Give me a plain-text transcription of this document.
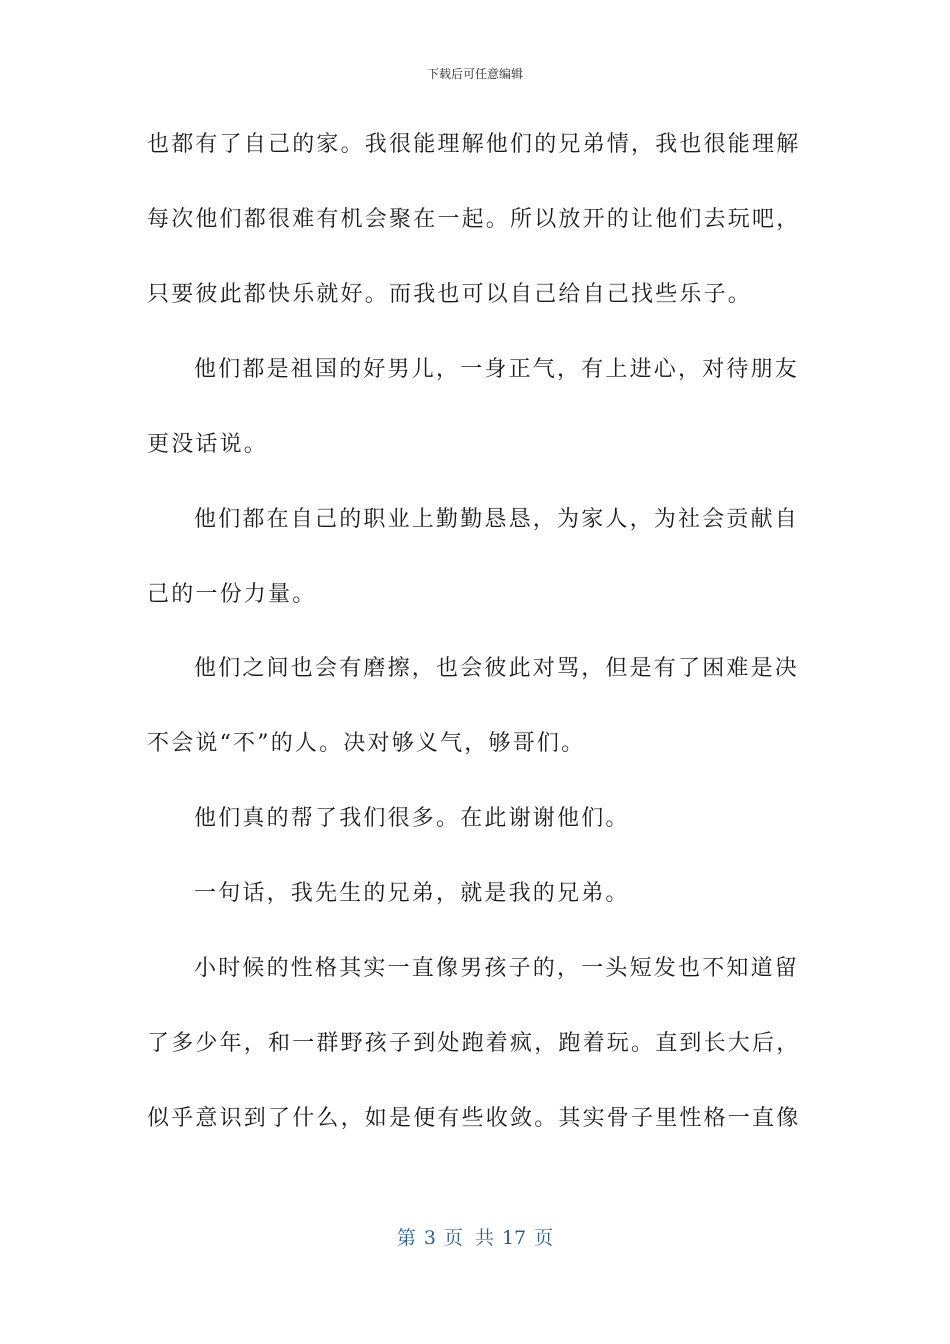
下载后可任意编辑
也都有了自己的家。我很能理解他们的兄弟情，我也很能理解
每次他们都很难有机会聚在一起。所以放开的让他们去玩吧，
只要彼此都快乐就好。而我也可以自己给自己找些乐子。
他们都是祖国的好男儿，一身正气，有上进心，对待朋友
更没话说。
他们都在自己的职业上勤勤恳恳，为家人，为社会贡献自
己的一份力量。
他们之间也会有磨擦，也会彼此对骂，但是有了困难是决
不会说“不”的人。决对够义气，够哥们。
他们真的帮了我们很多。在此谢谢他们。
一句话，我先生的兄弟，就是我的兄弟。
小时候的性格其实一直像男孩子的，一头短发也不知道留
了多少年，和一群野孩子到处跑着疯，跑着玩。直到长大后，
似乎意识到了什么，如是便有些收敛。其实骨子里性格一直像
第 3 页 共 17 页
